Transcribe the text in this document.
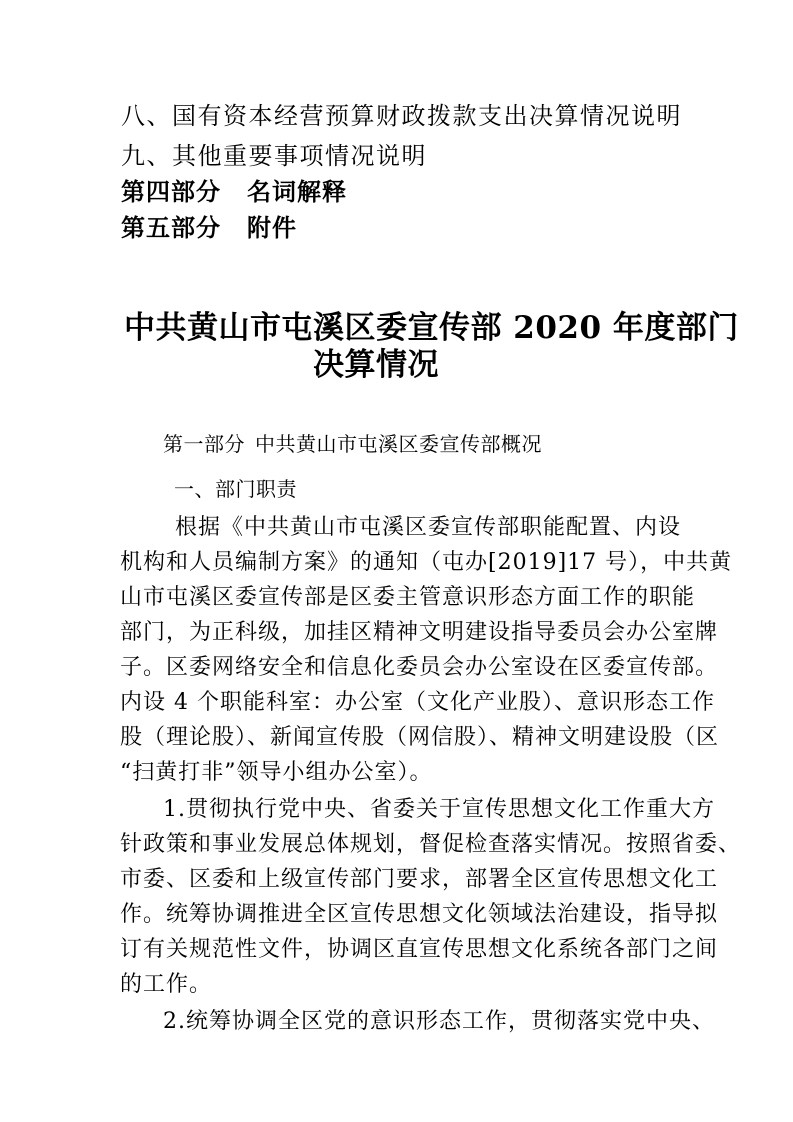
八、国有资本经营预算财政拨款支出决算情况说明
九、其他重要事项情况说明
第四部分 名词解释
第五部分 附件
中共黄山市屯溪区委宣传部 2020 年度部门
决算情况
第一部分 中共黄山市屯溪区委宣传部概况
一、部门职责
根据《中共黄山市屯溪区委宣传部职能配置、内设
机构和人员编制方案》的通知（屯办[2019]17 号），中共黄
山市屯溪区委宣传部是区委主管意识形态方面工作的职能
部门，为正科级，加挂区精神文明建设指导委员会办公室牌
子。区委网络安全和信息化委员会办公室设在区委宣传部。
内设 4 个职能科室：办公室（文化产业股）、意识形态工作
股（理论股）、新闻宣传股（网信股）、精神文明建设股（区
“扫黄打非”领导小组办公室）。
1.贯彻执行党中央、省委关于宣传思想文化工作重大方
针政策和事业发展总体规划，督促检查落实情况。按照省委、
市委、区委和上级宣传部门要求，部署全区宣传思想文化工
作。统筹协调推进全区宣传思想文化领域法治建设，指导拟
订有关规范性文件，协调区直宣传思想文化系统各部门之间
的工作。
2.统筹协调全区党的意识形态工作，贯彻落实党中央、
